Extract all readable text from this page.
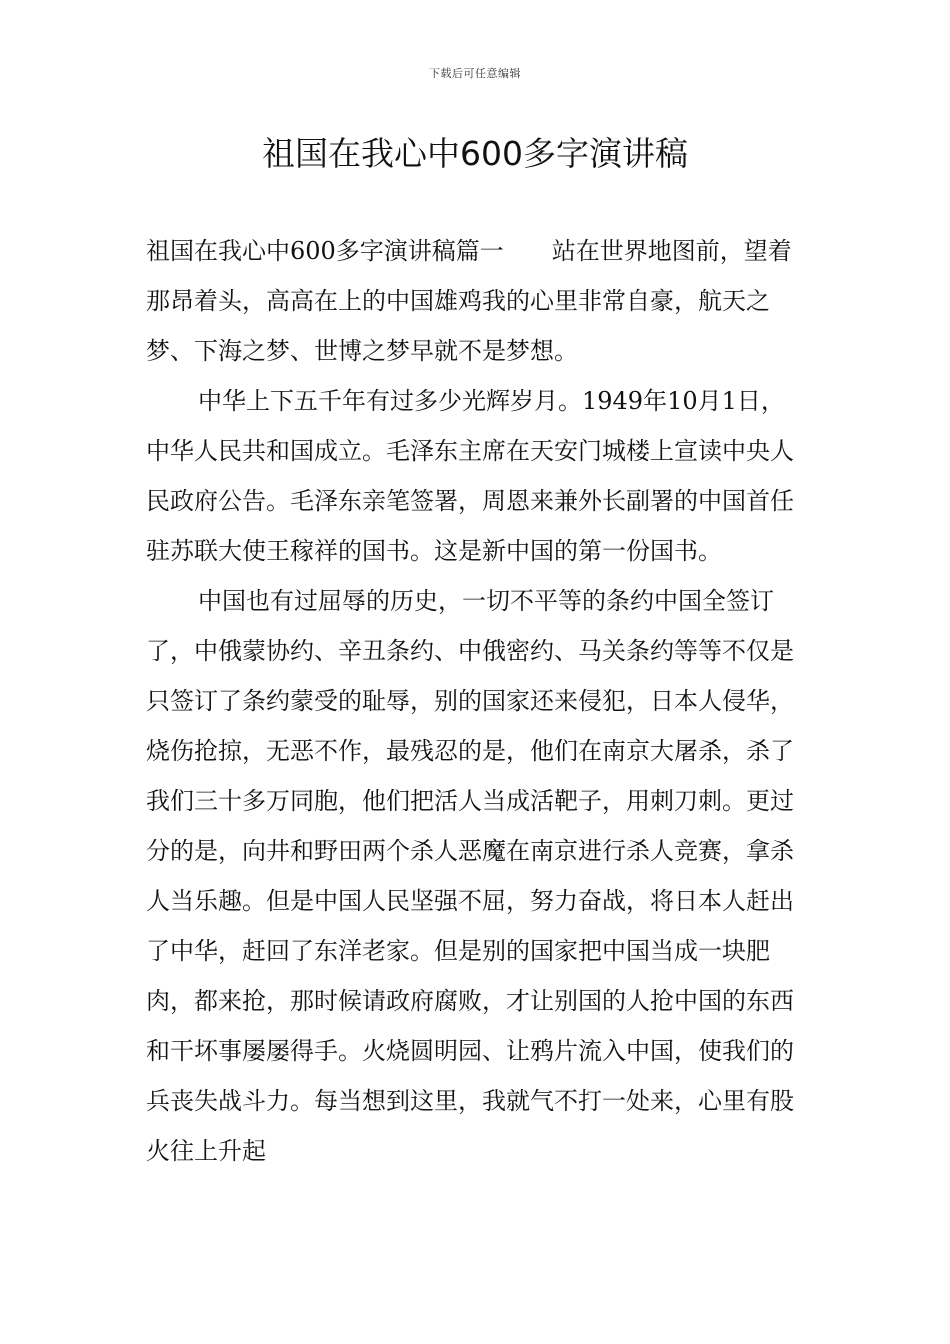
下载后可任意编辑
祖国在我心中600多字演讲稿

祖国在我心中600多字演讲稿篇一　　站在世界地图前，望着那昂着头，高高在上的中国雄鸡我的心里非常自豪，航天之梦、下海之梦、世博之梦早就不是梦想。

中华上下五千年有过多少光辉岁月。1949年10月1日，中华人民共和国成立。毛泽东主席在天安门城楼上宣读中央人民政府公告。毛泽东亲笔签署，周恩来兼外长副署的中国首任驻苏联大使王稼祥的国书。这是新中国的第一份国书。

中国也有过屈辱的历史，一切不平等的条约中国全签订了，中俄蒙协约、辛丑条约、中俄密约、马关条约等等不仅是只签订了条约蒙受的耻辱，别的国家还来侵犯，日本人侵华，烧伤抢掠，无恶不作，最残忍的是，他们在南京大屠杀，杀了我们三十多万同胞，他们把活人当成活靶子，用刺刀刺。更过分的是，向井和野田两个杀人恶魔在南京进行杀人竞赛，拿杀人当乐趣。但是中国人民坚强不屈，努力奋战，将日本人赶出了中华，赶回了东洋老家。但是别的国家把中国当成一块肥肉，都来抢，那时候请政府腐败，才让别国的人抢中国的东西和干坏事屡屡得手。火烧圆明园、让鸦片流入中国，使我们的兵丧失战斗力。每当想到这里，我就气不打一处来，心里有股火往上升起
